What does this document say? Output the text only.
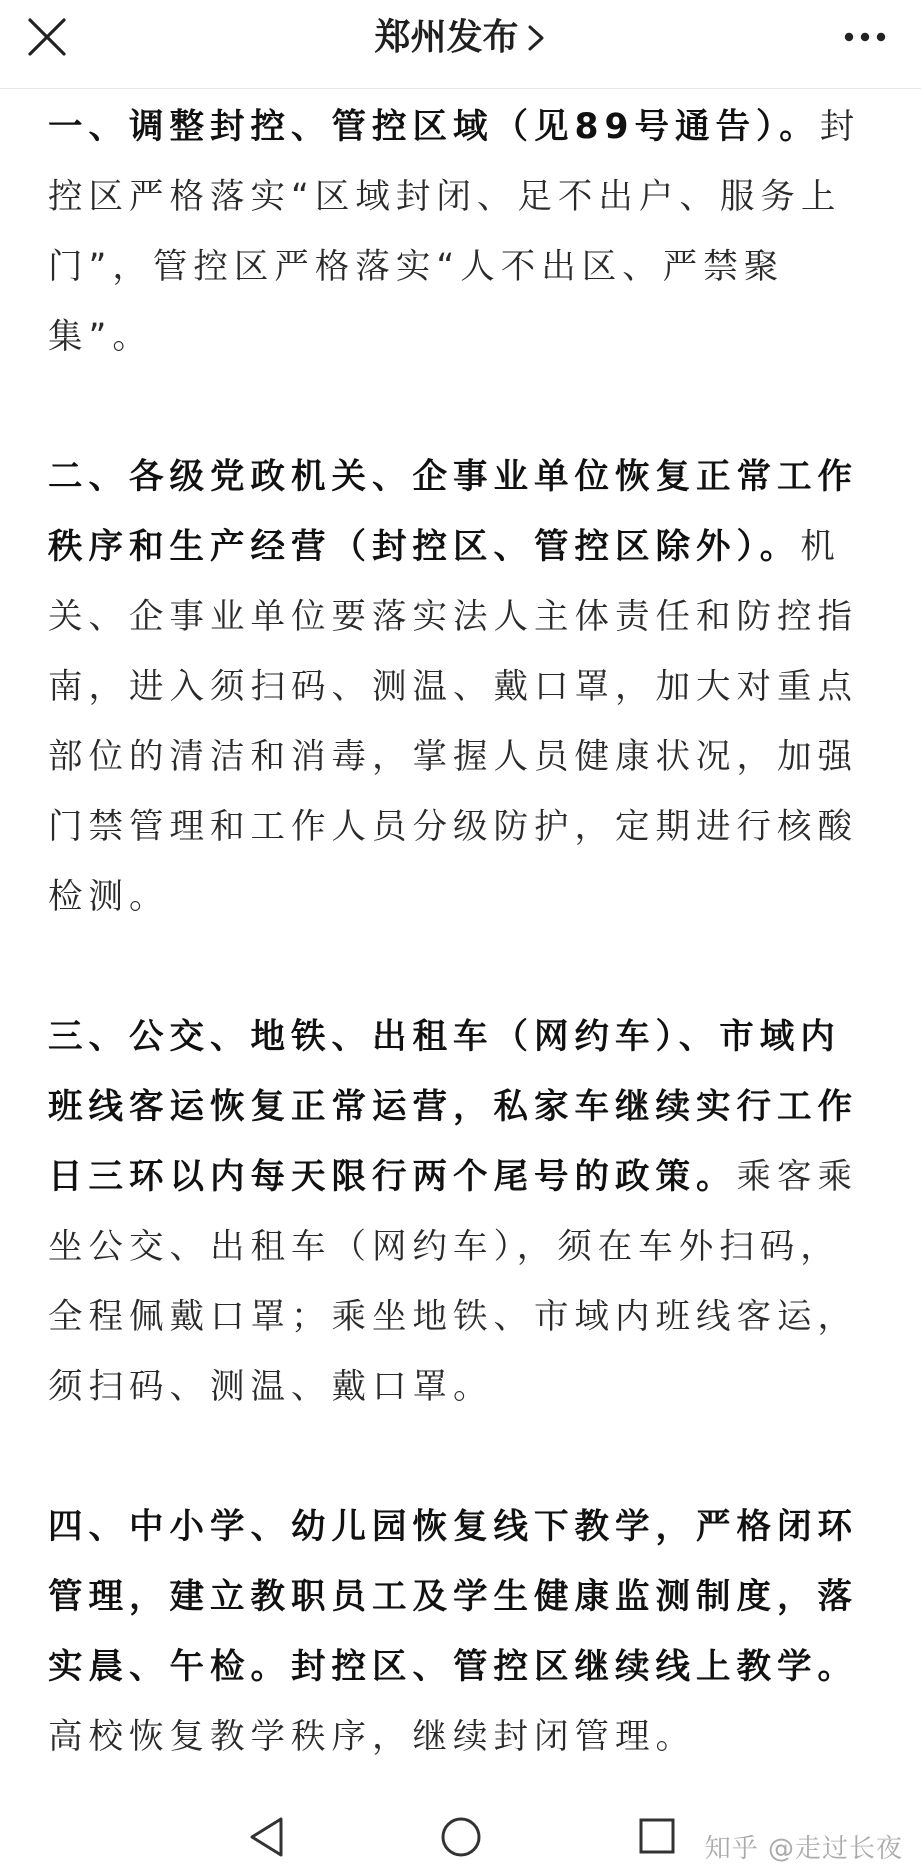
郑州发布

一、调整封控、管控区域（见89号通告）。封控区严格落实“区域封闭、足不出户、服务上门”，管控区严格落实“人不出区、严禁聚集”。

二、各级党政机关、企事业单位恢复正常工作秩序和生产经营（封控区、管控区除外）。机关、企事业单位要落实法人主体责任和防控指南，进入须扫码、测温、戴口罩，加大对重点部位的清洁和消毒，掌握人员健康状况，加强门禁管理和工作人员分级防护，定期进行核酸检测。

三、公交、地铁、出租车（网约车）、市域内班线客运恢复正常运营，私家车继续实行工作日三环以内每天限行两个尾号的政策。乘客乘坐公交、出租车（网约车），须在车外扫码，全程佩戴口罩；乘坐地铁、市域内班线客运，须扫码、测温、戴口罩。

四、中小学、幼儿园恢复线下教学，严格闭环管理，建立教职员工及学生健康监测制度，落实晨、午检。封控区、管控区继续线上教学。高校恢复教学秩序，继续封闭管理。

知乎 @走过长夜
